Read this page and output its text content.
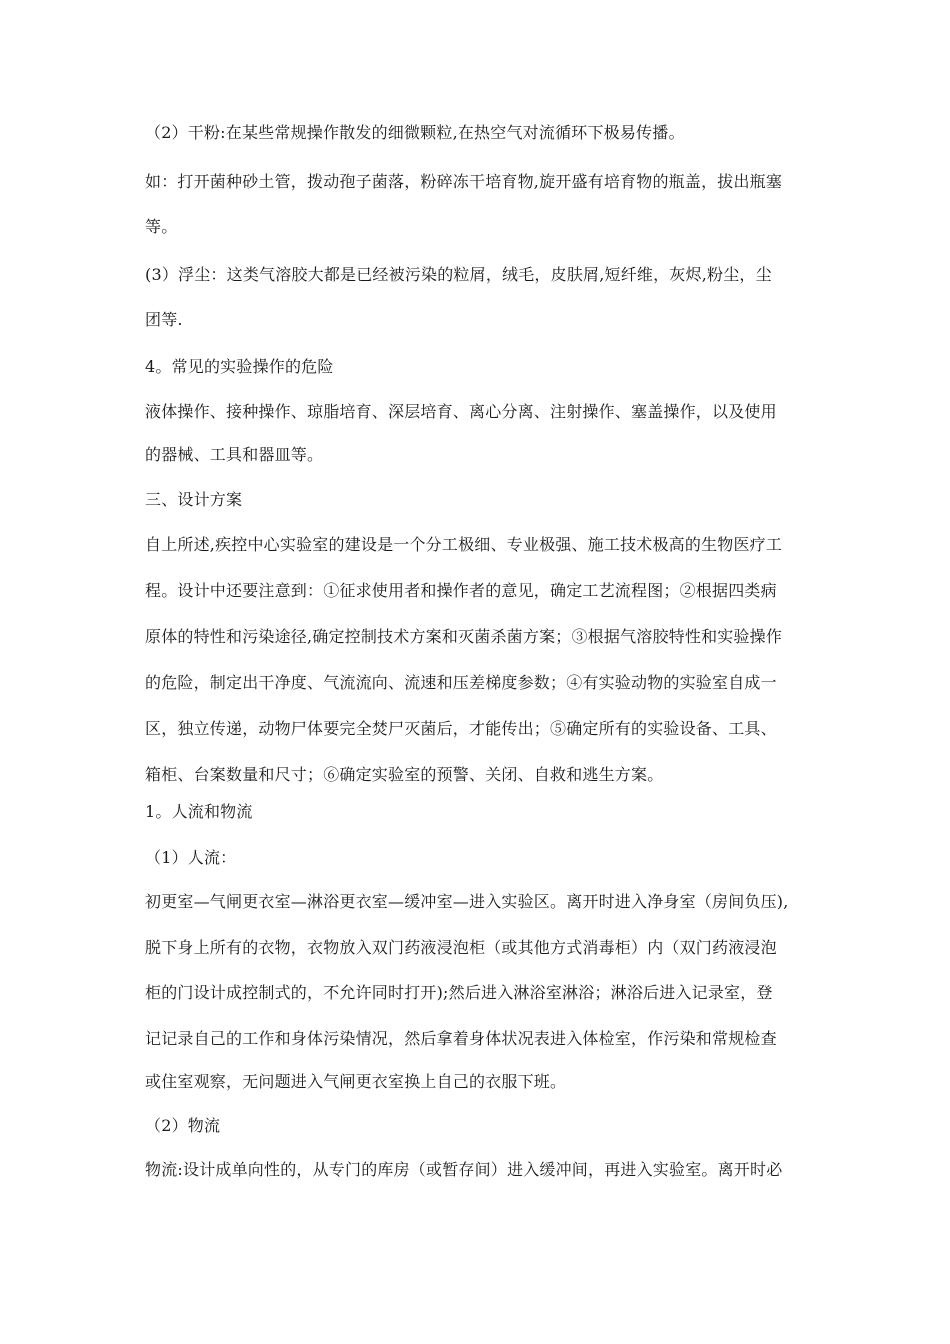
（2）干粉:在某些常规操作散发的细微颗粒,在热空气对流循环下极易传播。
如：打开菌种砂土管，拨动孢子菌落，粉碎冻干培育物,旋开盛有培育物的瓶盖，拔出瓶塞
等。
(3）浮尘：这类气溶胶大都是已经被污染的粒屑，绒毛，皮肤屑,短纤维，灰烬,粉尘，尘
团等.
4。常见的实验操作的危险
液体操作、接种操作、琼脂培育、深层培育、离心分离、注射操作、塞盖操作，以及使用
的器械、工具和器皿等。
三、设计方案
自上所述,疾控中心实验室的建设是一个分工极细、专业极强、施工技术极高的生物医疗工
程。设计中还要注意到：①征求使用者和操作者的意见，确定工艺流程图；②根据四类病
原体的特性和污染途径,确定控制技术方案和灭菌杀菌方案；③根据气溶胶特性和实验操作
的危险，制定出干净度、气流流向、流速和压差梯度参数；④有实验动物的实验室自成一
区，独立传递，动物尸体要完全焚尸灭菌后，才能传出；⑤确定所有的实验设备、工具、
箱柜、台案数量和尺寸；⑥确定实验室的预警、关闭、自救和逃生方案。
1。人流和物流
（1）人流：
初更室—气闸更衣室—淋浴更衣室—缓冲室—进入实验区。离开时进入净身室（房间负压),
脱下身上所有的衣物，衣物放入双门药液浸泡柜（或其他方式消毒柜）内（双门药液浸泡
柜的门设计成控制式的，不允许同时打开);然后进入淋浴室淋浴；淋浴后进入记录室，登
记记录自己的工作和身体污染情况，然后拿着身体状况表进入体检室，作污染和常规检查
或住室观察，无问题进入气闸更衣室换上自己的衣服下班。
（2）物流
物流:设计成单向性的，从专门的库房（或暂存间）进入缓冲间，再进入实验室。离开时必
